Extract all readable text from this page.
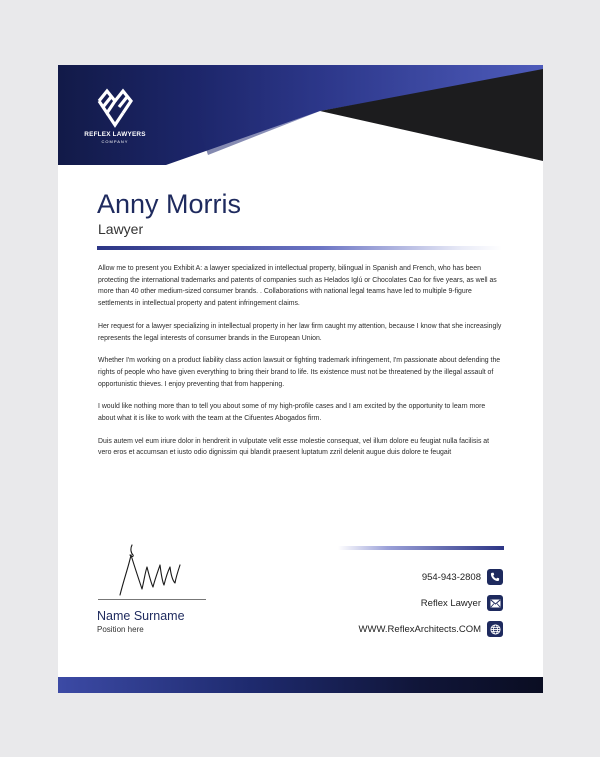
REFLEX LAWYERS
COMPANY
Anny Morris
Lawyer

Allow me to present you Exhibit A: a lawyer specialized in intellectual property, bilingual in Spanish and French, who has been protecting the international trademarks and patents of companies such as Helados Iglú or Chocolates Cao for five years, as well as more than 40 other medium-sized consumer brands. . Collaborations with national legal teams have led to multiple 9-figure settlements in intellectual property and patent infringement claims.

Her request for a lawyer specializing in intellectual property in her law firm caught my attention, because I know that she increasingly represents the legal interests of consumer brands in the European Union.

Whether I'm working on a product liability class action lawsuit or fighting trademark infringement, I'm passionate about defending the rights of people who have given everything to bring their brand to life. Its existence must not be threatened by the illegal assault of opportunistic thieves. I enjoy preventing that from happening.

I would like nothing more than to tell you about some of my high-profile cases and I am excited by the opportunity to learn more about what it is like to work with the team at the Cifuentes Abogados firm.

Duis autem vel eum iriure dolor in hendrerit in vulputate velit esse molestie consequat, vel illum dolore eu feugiat nulla facilisis at vero eros et accumsan et iusto odio dignissim qui blandit praesent luptatum zzril delenit augue duis dolore te feugait

Name Surname
Position here
954-943-2808
Reflex Lawyer
WWW.ReflexArchitects.COM
